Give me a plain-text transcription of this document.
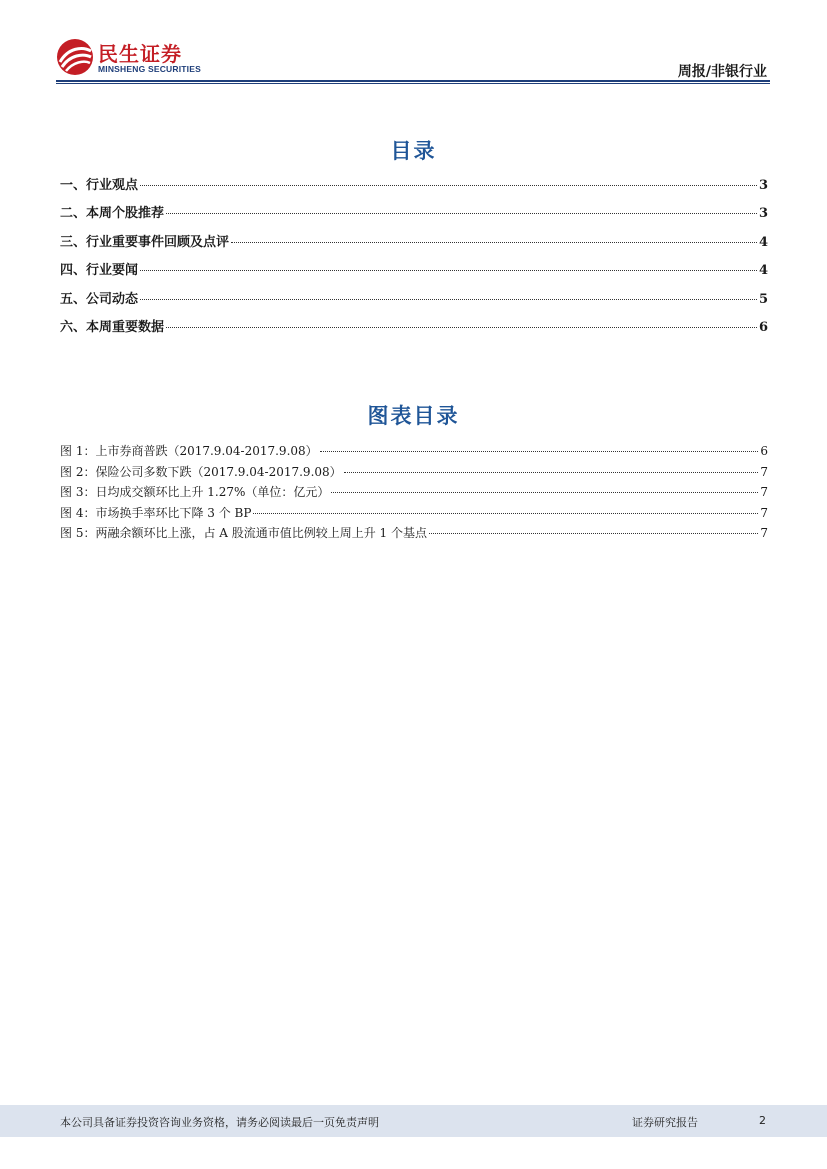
民生证券
MINSHENG SECURITIES	周报/非银行业
目录
一、行业观点	3
二、本周个股推荐	3
三、行业重要事件回顾及点评	4
四、行业要闻	4
五、公司动态	5
六、本周重要数据	6
图表目录
图 1：上市券商普跌（2017.9.04-2017.9.08）	6
图 2：保险公司多数下跌（2017.9.04-2017.9.08）	7
图 3：日均成交额环比上升 1.27%（单位：亿元）	7
图 4：市场换手率环比下降 3 个 BP	7
图 5：两融余额环比上涨，占 A 股流通市值比例较上周上升 1 个基点	7
本公司具备证券投资咨询业务资格，请务必阅读最后一页免责声明	证券研究报告	2
